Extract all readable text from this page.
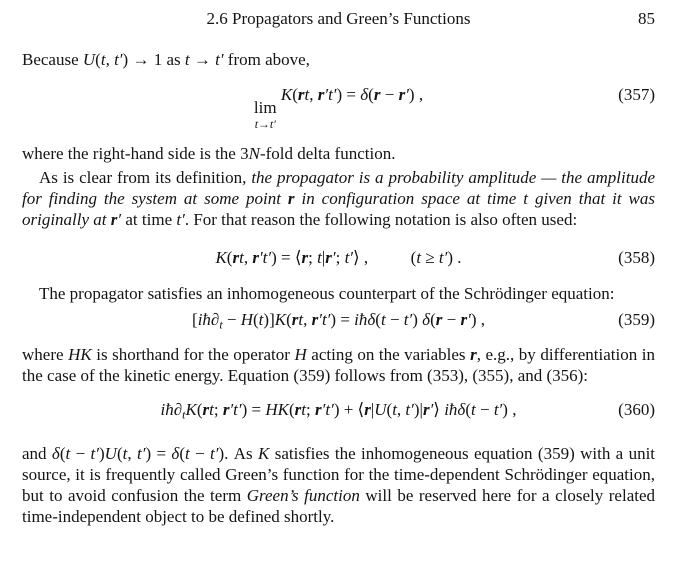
2.6 Propagators and Green’s Functions	85

Because U(t, t′) → 1 as t → t′ from above,

lim
t→t′
K(rt, r′t′) = δ(r − r′) ,	(357)

where the right-hand side is the 3N-fold delta function.

As is clear from its definition, the propagator is a probability amplitude — the amplitude for finding the system at some point r in configuration space at time t given that it was originally at r′ at time t′. For that reason the following notation is also often used:

K(rt, r′t′) = ⟨r; t|r′; t′⟩ ,   (t ≥ t′) .	(358)

The propagator satisfies an inhomogeneous counterpart of the Schrödinger equation:

$[iħ\partial_t - H(t)]K(rt$, r′t′) = iħδ(t − t′) δ(r − r′) ,	(359)

where HK is shorthand for the operator H acting on the variables r, e.g., by differentiation in the case of the kinetic energy. Equation (359) follows from (353), (355), and (356):

$iħ\partial_tK(rt$; r′t′) = HK(rt; r′t′) + ⟨r|U(t, t′)|r′⟩ iħδ(t − t′) ,	(360)

and δ(t − t′)U(t, t′) = δ(t − t′). As K satisfies the inhomogeneous equation (359) with a unit source, it is frequently called Green’s function for the time-dependent Schrödinger equation, but to avoid confusion the term Green’s function will be reserved here for a closely related time-independent object to be defined shortly.
